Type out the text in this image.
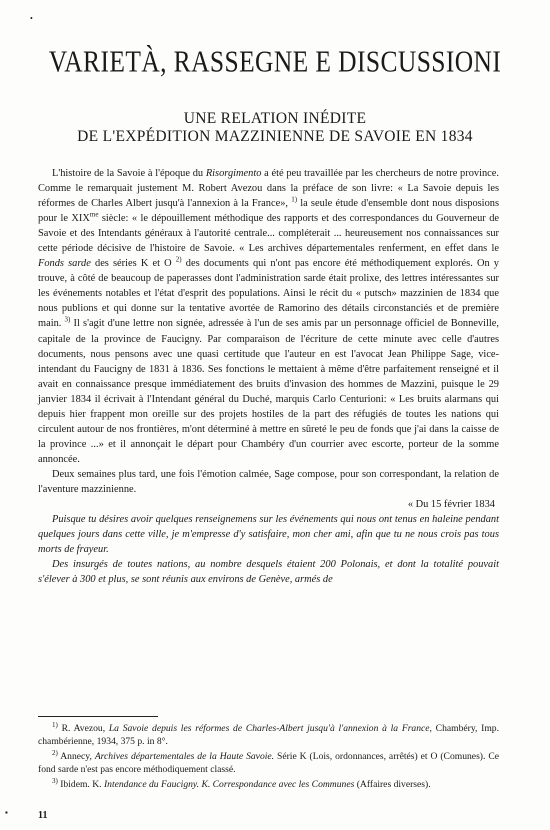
•
VARIETÀ, RASSEGNE E DISCUSSIONI
UNE RELATION INÉDITE
DE L'EXPÉDITION MAZZINIENNE DE SAVOIE EN 1834

L'histoire de la Savoie à l'époque du Risorgimento a été peu travaillée par les chercheurs de notre province. Comme le remarquait justement M. Robert Avezou dans la préface de son livre: « La Savoie depuis les réformes de Charles Albert jusqu'à l'annexion à la France», $^{1)}$ la seule étude d'ensemble dont nous disposions pour le $XIX^{me}$ siècle: « le dépouillement méthodique des rapports et des correspondances du Gouverneur de Savoie et des Intendants généraux à l'autorité centrale... compléterait ... heureusement nos connaissances sur cette période décisive de l'histoire de Savoie. « Les archives départementales renferment, en effet dans le Fonds sarde des séries K et O $^{2)}$ des documents qui n'ont pas encore été méthodiquement explorés. On y trouve, à côté de beaucoup de paperasses dont l'administration sarde était prolixe, des lettres intéressantes sur les événements notables et l'état d'esprit des populations. Ainsi le récit du « putsch» mazzinien de 1834 que nous publions et qui donne sur la tentative avortée de Ramorino des détails circonstanciés et de première main. $^{3)}$ Il s'agit d'une lettre non signée, adressée à l'un de ses amis par un personnage officiel de Bonneville, capitale de la province de Faucigny. Par comparaison de l'écriture de cette minute avec celle d'autres documents, nous pensons avec une quasi certitude que l'auteur en est l'avocat Jean Philippe Sage, vice-intendant du Faucigny de 1831 à 1836. Ses fonctions le mettaient à même d'être parfaitement renseigné et il avait en connaissance presque immédiatement des bruits d'invasion des hommes de Mazzini, puisque le 29 janvier 1834 il écrivait à l'Intendant général du Duché, marquis Carlo Centurioni: « Les bruits alarmans qui depuis hier frappent mon oreille sur des projets hostiles de la part des réfugiés de toutes les nations qui circulent autour de nos frontières, m'ont déterminé à mettre en sûreté le peu de fonds que j'ai dans la caisse de la province ...» et il annonçait le départ pour Chambéry d'un courrier avec escorte, porteur de la somme annoncée.

Deux semaines plus tard, une fois l'émotion calmée, Sage compose, pour son correspondant, la relation de l'aventure mazzinienne.

« Du 15 février 1834

Puisque tu désires avoir quelques renseignemens sur les événements qui nous ont tenus en haleine pendant quelques jours dans cette ville, je m'empresse d'y satisfaire, mon cher ami, afin que tu ne nous crois pas tous morts de frayeur.

Des insurgés de toutes nations, au nombre desquels étaient 200 Polonais, et dont la totalité pouvait s'élever à 300 et plus, se sont réunis aux environs de Genève, armés de

$^{1)}$ R. Avezou, La Savoie depuis les réformes de Charles-Albert jusqu'à l'annexion à la France, Chambéry, Imp. chambérienne, 1934, 375 p. in 8°.

$^{2)}$ Annecy, Archives départementales de la Haute Savoie. Série K (Lois, ordonnances, arrêtés) et O (Comunes). Ce fond sarde n'est pas encore méthodiquement classé.

$^{3)}$ Ibidem. K. Intendance du Faucigny. K. Correspondance avec les Communes (Affaires diverses).

▪	11
